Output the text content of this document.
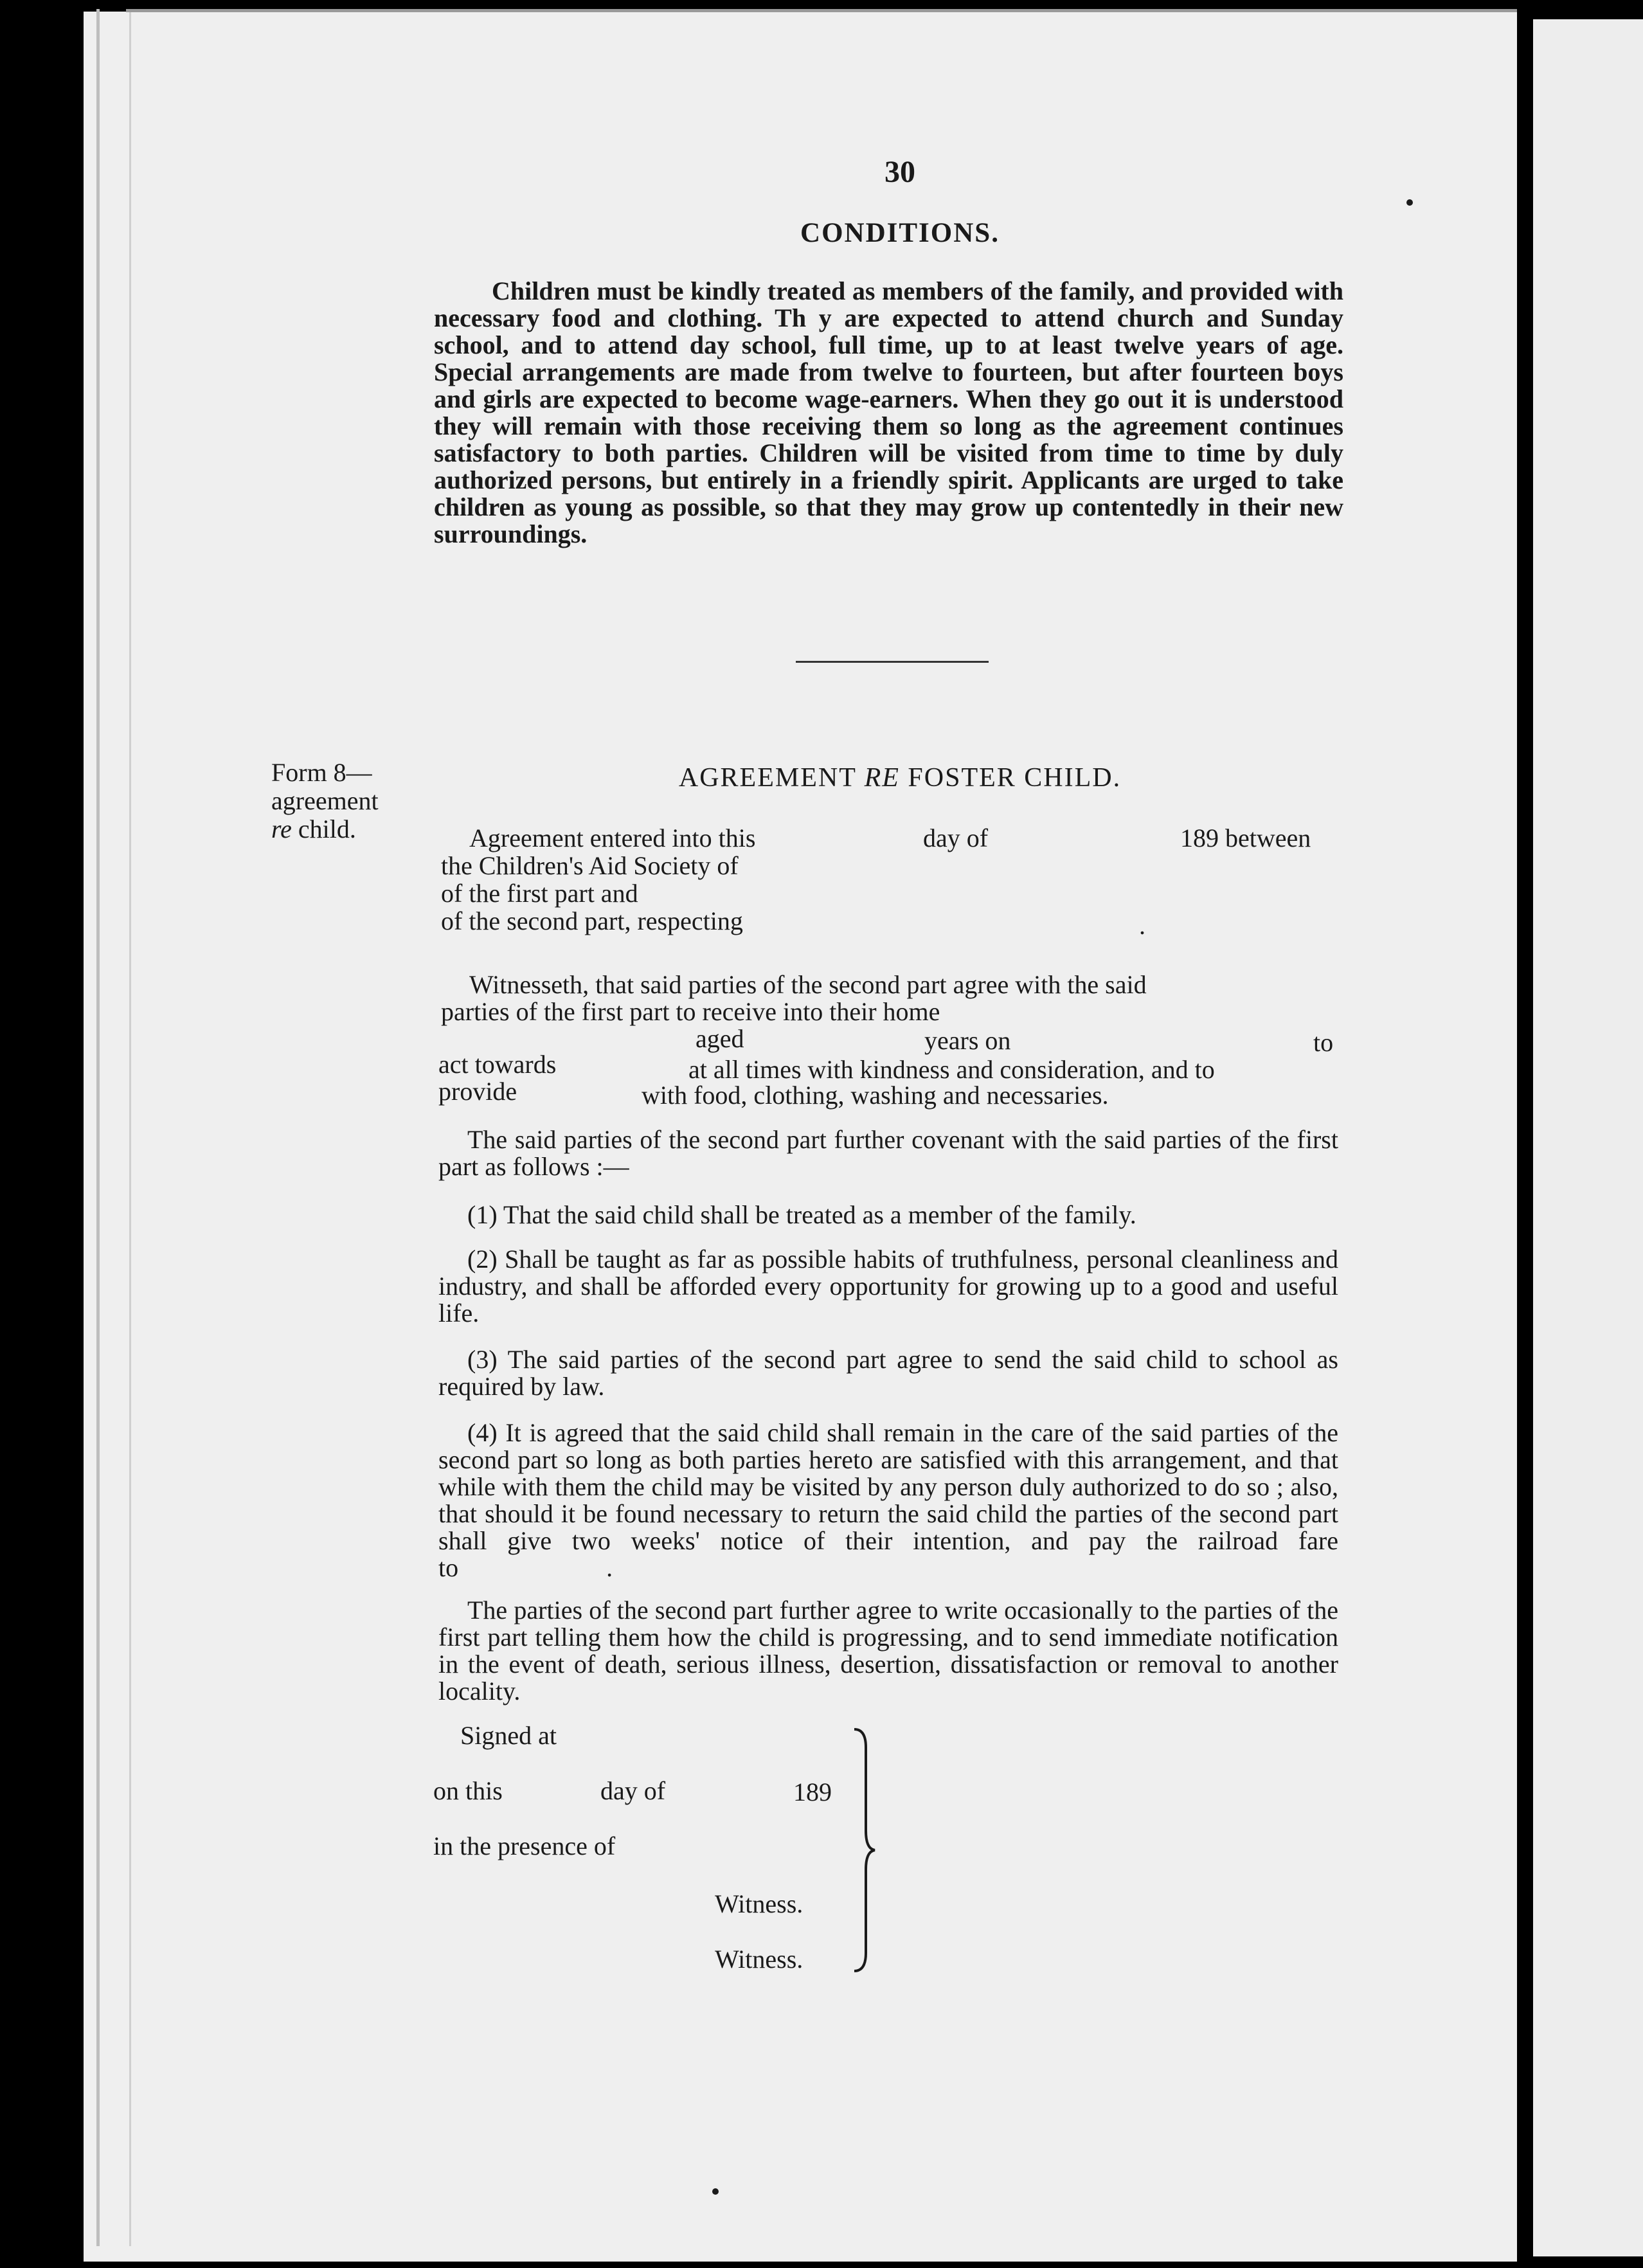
30
CONDITIONS.
Children must be kindly treated as members of the family, and provided with necessary food and clothing. Th y are expected to attend church and Sunday school, and to attend day school, full time, up to at least twelve years of age. Special arrangements are made from twelve to fourteen, but after fourteen boys and girls are expected to become wage-earners. When they go out it is understood they will remain with those receiving them so long as the agreement continues satisfactory to both parties. Children will be visited from time to time by duly authorized persons, but entirely in a friendly spirit. Applicants are urged to take children as young as possible, so that they may grow up contentedly in their new surroundings.
Form 8—
agreement
re child.
AGREEMENT RE FOSTER CHILD.
Agreement entered into this	day of	189 between
the Children's Aid Society of
of the first part and
of the second part, respecting	.
Witnesseth, that said parties of the second part agree with the said
parties of the first part to receive into their home
aged	years on	to
act towards	at all times with kindness and consideration, and to
provide	with food, clothing, washing and necessaries.
The said parties of the second part further covenant with the said parties of the first part as follows :—
(1) That the said child shall be treated as a member of the family.
(2) Shall be taught as far as possible habits of truthfulness, personal cleanliness and industry, and shall be afforded every opportunity for growing up to a good and useful life.
(3) The said parties of the second part agree to send the said child to school as required by law.
(4) It is agreed that the said child shall remain in the care of the said parties of the second part so long as both parties hereto are satisfied with this arrangement, and that while with them the child may be visited by any person duly authorized to do so ; also, that should it be found necessary to return the said child the parties of the second part shall give two weeks' notice of their intention, and pay the railroad fare to	.
The parties of the second part further agree to write occasionally to the parties of the first part telling them how the child is progressing, and to send immediate notification in the event of death, serious illness, desertion, dissatisfaction or removal to another locality.
Signed at
on this	day of	189
in the presence of
Witness.
Witness.
